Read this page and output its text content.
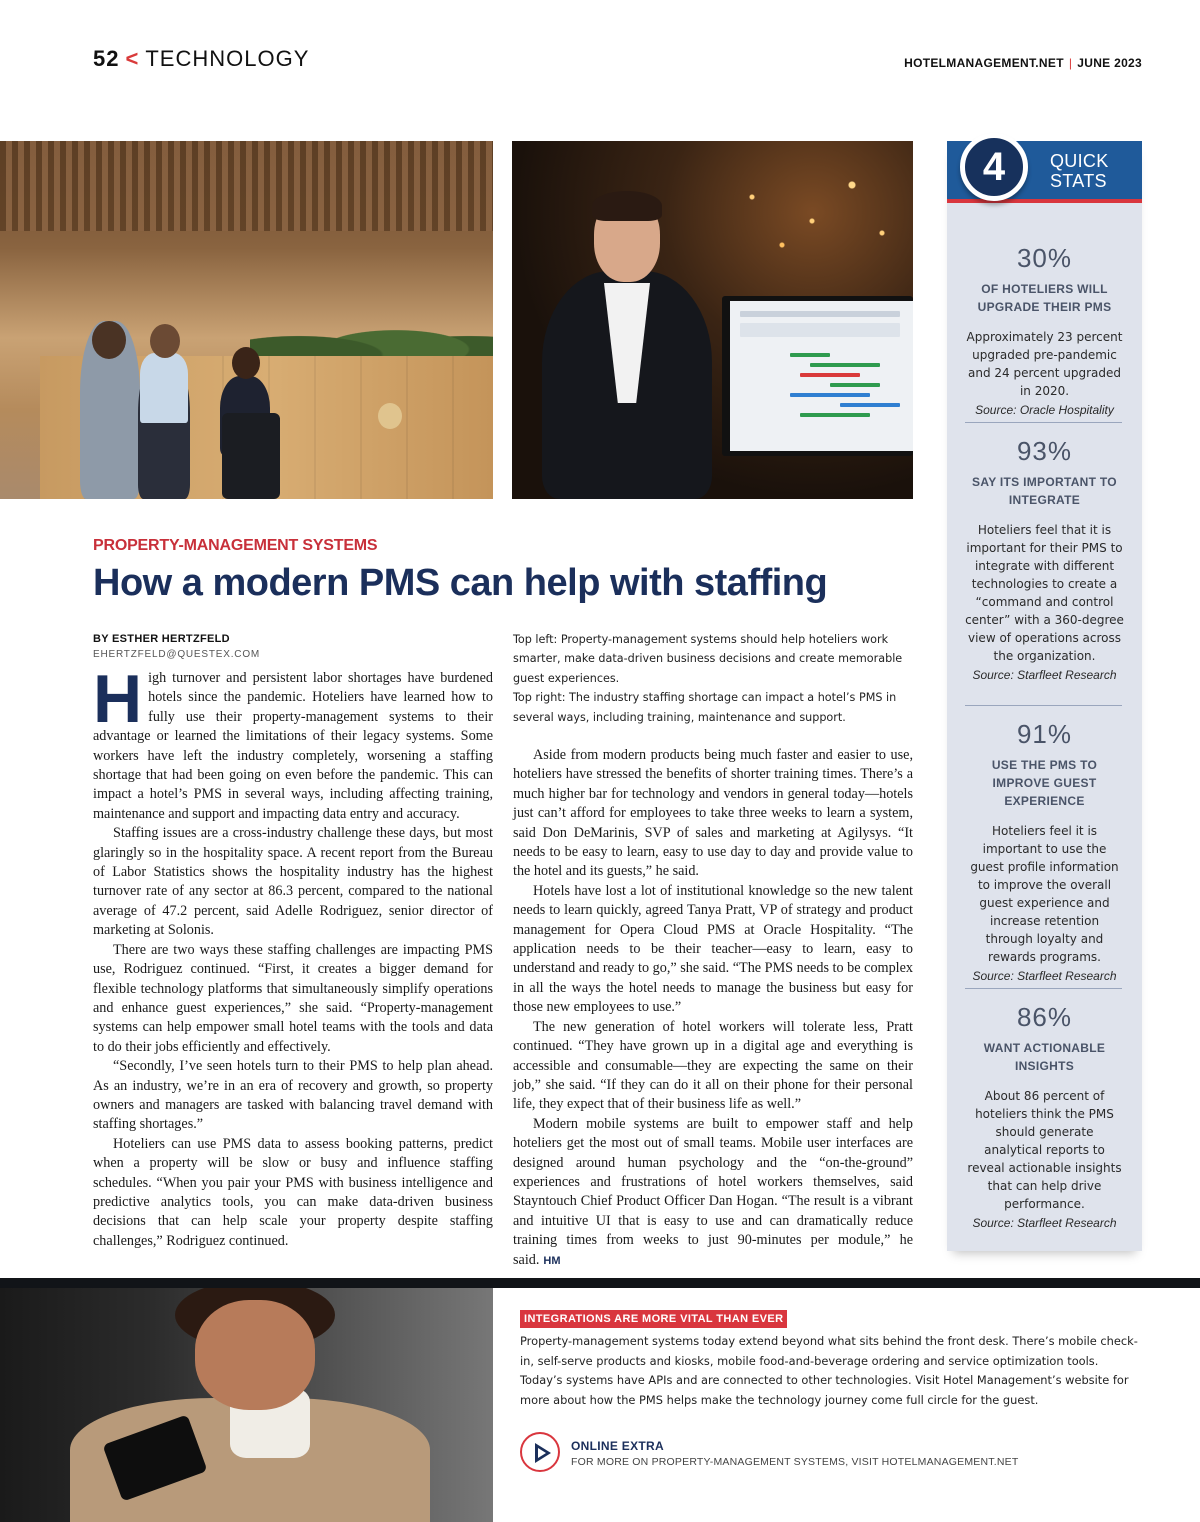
52 < TECHNOLOGY	HOTELMANAGEMENT.NET | JUNE 2023
QUICK
STATS
4
30%
OF HOTELIERS WILL UPGRADE THEIR PMS
Approximately 23 percent upgraded pre-pandemic and 24 percent upgraded in 2020.
Source: Oracle Hospitality
93%
SAY ITS IMPORTANT TO INTEGRATE
Hoteliers feel that it is important for their PMS to integrate with different technologies to create a “command and control center” with a 360-degree view of operations across the organization.
Source: Starfleet Research
91%
USE THE PMS TO IMPROVE GUEST EXPERIENCE
Hoteliers feel it is important to use the guest profile information to improve the overall guest experience and increase retention through loyalty and rewards programs.
Source: Starfleet Research
86%
WANT ACTIONABLE INSIGHTS
About 86 percent of hoteliers think the PMS should generate analytical reports to reveal actionable insights that can help drive performance.
Source: Starfleet Research
PROPERTY-MANAGEMENT SYSTEMS
How a modern PMS can help with staffing
BY ESTHER HERTZFELD
EHERTZFELD@QUESTEX.COM

High turnover and persistent labor shortages have burdened hotels since the pandemic. Hoteliers have learned how to fully use their property-management systems to their advantage or learned the limitations of their legacy systems. Some workers have left the industry completely, worsening a staffing shortage that had been going on even before the pandemic. This can impact a hotel’s PMS in several ways, including affecting training, maintenance and support and impacting data entry and accuracy.

Staffing issues are a cross-industry challenge these days, but most glaringly so in the hospitality space. A recent report from the Bureau of Labor Statistics shows the hospitality industry has the highest turnover rate of any sector at 86.3 percent, compared to the national average of 47.2 percent, said Adelle Rodriguez, senior director of marketing at Solonis.

There are two ways these staffing challenges are impacting PMS use, Rodriguez continued. “First, it creates a bigger demand for flexible technology platforms that simultaneously simplify operations and enhance guest experiences,” she said. “Property-management systems can help empower small hotel teams with the tools and data to do their jobs efficiently and effectively.

“Secondly, I’ve seen hotels turn to their PMS to help plan ahead. As an industry, we’re in an era of recovery and growth, so property owners and managers are tasked with balancing travel demand with staffing shortages.”

Hoteliers can use PMS data to assess booking patterns, predict when a property will be slow or busy and influence staffing schedules. “When you pair your PMS with business intelligence and predictive analytics tools, you can make data-driven business decisions that can help scale your property despite staffing challenges,” Rodriguez continued.

Top left: Property-management systems should help hoteliers work smarter, make data-driven business decisions and create memorable guest experiences.
Top right: The industry staffing shortage can impact a hotel’s PMS in several ways, including training, maintenance and support.

Aside from modern products being much faster and easier to use, hoteliers have stressed the benefits of shorter training times. There’s a much higher bar for technology and vendors in general today—hotels just can’t afford for employees to take three weeks to learn a system, said Don DeMarinis, SVP of sales and marketing at Agilysys. “It needs to be easy to learn, easy to use day to day and provide value to the hotel and its guests,” he said.

Hotels have lost a lot of institutional knowledge so the new talent needs to learn quickly, agreed Tanya Pratt, VP of strategy and product management for Opera Cloud PMS at Oracle Hospitality. “The application needs to be their teacher—easy to learn, easy to understand and ready to go,” she said. “The PMS needs to be complex in all the ways the hotel needs to manage the business but easy for those new employees to use.”

The new generation of hotel workers will tolerate less, Pratt continued. “They have grown up in a digital age and everything is accessible and consumable—they are expecting the same on their job,” she said. “If they can do it all on their phone for their personal life, they expect that of their business life as well.”

Modern mobile systems are built to empower staff and help hoteliers get the most out of small teams. Mobile user interfaces are designed around human psychology and the “on-the-ground” experiences and frustrations of hotel workers themselves, said Stayntouch Chief Product Officer Dan Hogan. “The result is a vibrant and intuitive UI that is easy to use and can dramatically reduce training times from weeks to just 90-minutes per module,” he said. HM

INTEGRATIONS ARE MORE VITAL THAN EVER
Property-management systems today extend beyond what sits behind the front desk. There’s mobile check-in, self-serve products and kiosks, mobile food-and-beverage ordering and service optimization tools. Today’s systems have APIs and are connected to other technologies. Visit Hotel Management’s website for more about how the PMS helps make the technology journey come full circle for the guest.
ONLINE EXTRA
FOR MORE ON PROPERTY-MANAGEMENT SYSTEMS, VISIT HOTELMANAGEMENT.NET
